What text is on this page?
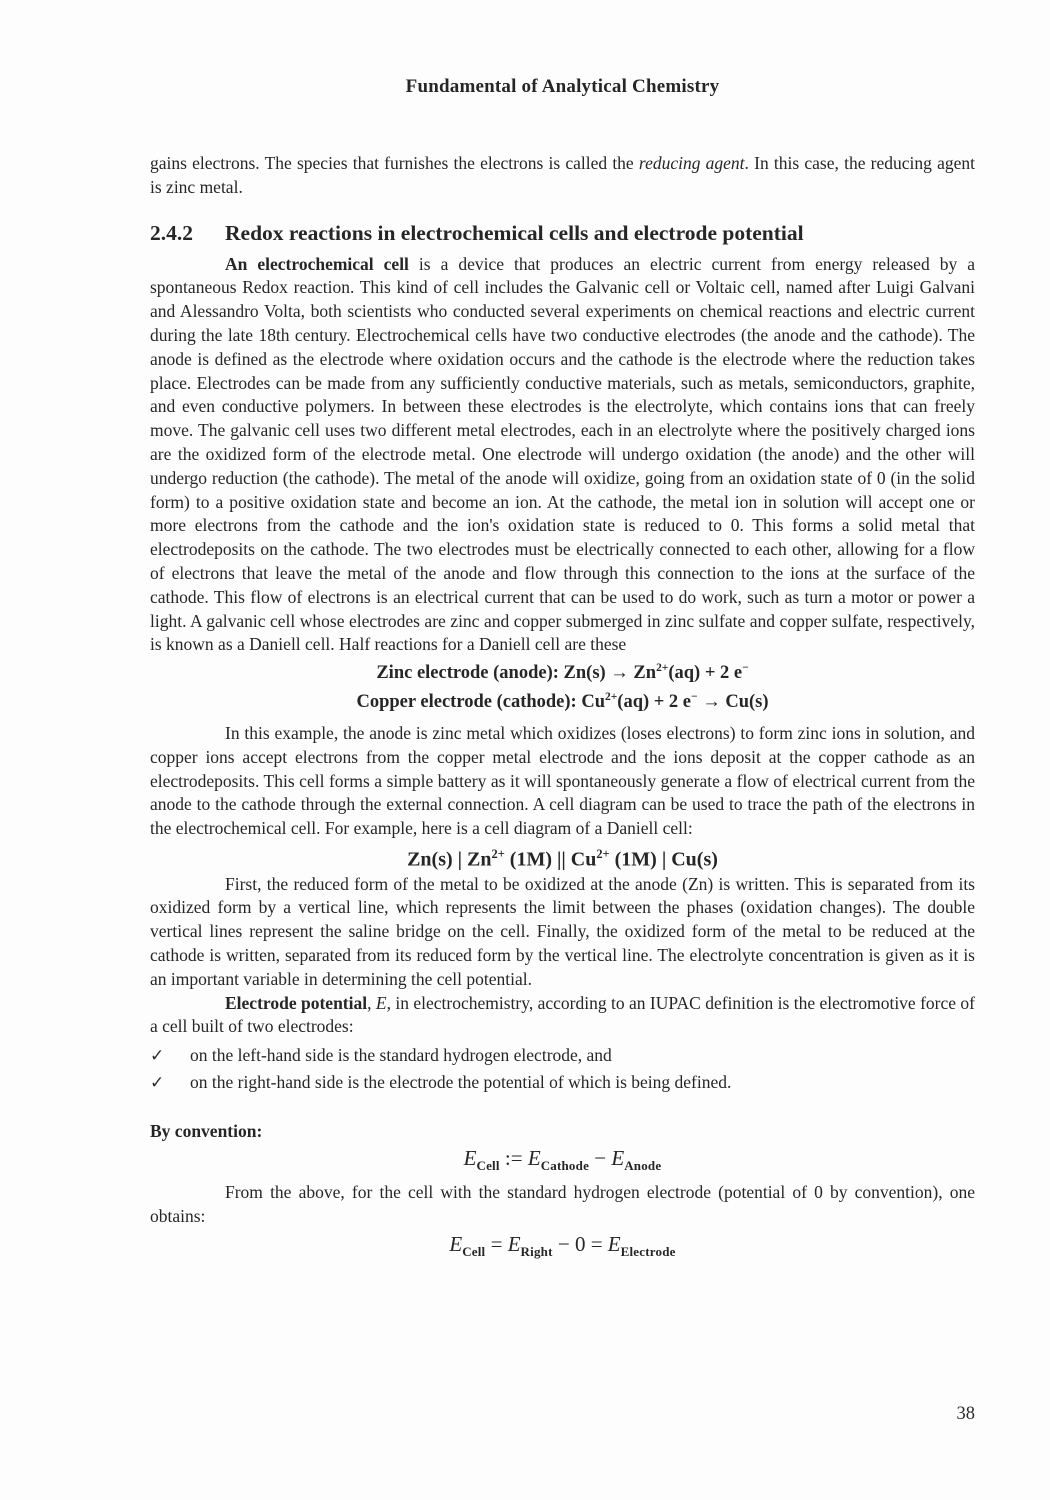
Fundamental of Analytical Chemistry

gains electrons. The species that furnishes the electrons is called the reducing agent. In this case, the reducing agent is zinc metal.

2.4.2 Redox reactions in electrochemical cells and electrode potential

An electrochemical cell is a device that produces an electric current from energy released by a spontaneous Redox reaction. This kind of cell includes the Galvanic cell or Voltaic cell, named after Luigi Galvani and Alessandro Volta, both scientists who conducted several experiments on chemical reactions and electric current during the late 18th century. Electrochemical cells have two conductive electrodes (the anode and the cathode). The anode is defined as the electrode where oxidation occurs and the cathode is the electrode where the reduction takes place. Electrodes can be made from any sufficiently conductive materials, such as metals, semiconductors, graphite, and even conductive polymers. In between these electrodes is the electrolyte, which contains ions that can freely move. The galvanic cell uses two different metal electrodes, each in an electrolyte where the positively charged ions are the oxidized form of the electrode metal. One electrode will undergo oxidation (the anode) and the other will undergo reduction (the cathode). The metal of the anode will oxidize, going from an oxidation state of 0 (in the solid form) to a positive oxidation state and become an ion. At the cathode, the metal ion in solution will accept one or more electrons from the cathode and the ion's oxidation state is reduced to 0. This forms a solid metal that electrodeposits on the cathode. The two electrodes must be electrically connected to each other, allowing for a flow of electrons that leave the metal of the anode and flow through this connection to the ions at the surface of the cathode. This flow of electrons is an electrical current that can be used to do work, such as turn a motor or power a light. A galvanic cell whose electrodes are zinc and copper submerged in zinc sulfate and copper sulfate, respectively, is known as a Daniell cell. Half reactions for a Daniell cell are these

Zinc electrode (anode): $Zn(s) \to Zn^{2+}(aq) + 2$ e−
Copper electrode (cathode): $Cu^{2+}(aq) + 2$ e− → Cu(s)

In this example, the anode is zinc metal which oxidizes (loses electrons) to form zinc ions in solution, and copper ions accept electrons from the copper metal electrode and the ions deposit at the copper cathode as an electrodeposits. This cell forms a simple battery as it will spontaneously generate a flow of electrical current from the anode to the cathode through the external connection. A cell diagram can be used to trace the path of the electrons in the electrochemical cell. For example, here is a cell diagram of a Daniell cell:

Zn(s) | $Zn^{2+}$ (1M) || $Cu^{2+}$ (1M) | Cu(s)

First, the reduced form of the metal to be oxidized at the anode (Zn) is written. This is separated from its oxidized form by a vertical line, which represents the limit between the phases (oxidation changes). The double vertical lines represent the saline bridge on the cell. Finally, the oxidized form of the metal to be reduced at the cathode is written, separated from its reduced form by the vertical line. The electrolyte concentration is given as it is an important variable in determining the cell potential.

Electrode potential, E, in electrochemistry, according to an IUPAC definition is the electromotive force of a cell built of two electrodes:

✓	on the left-hand side is the standard hydrogen electrode, and
✓	on the right-hand side is the electrode the potential of which is being defined.

By convention:

$E_{Cell}$ := $E_{Cathode} - E_{Anode}$

From the above, for the cell with the standard hydrogen electrode (potential of 0 by convention), one obtains:

$E_{Cell} = E_{Right} - 0 = E_{Electrode}$
38
